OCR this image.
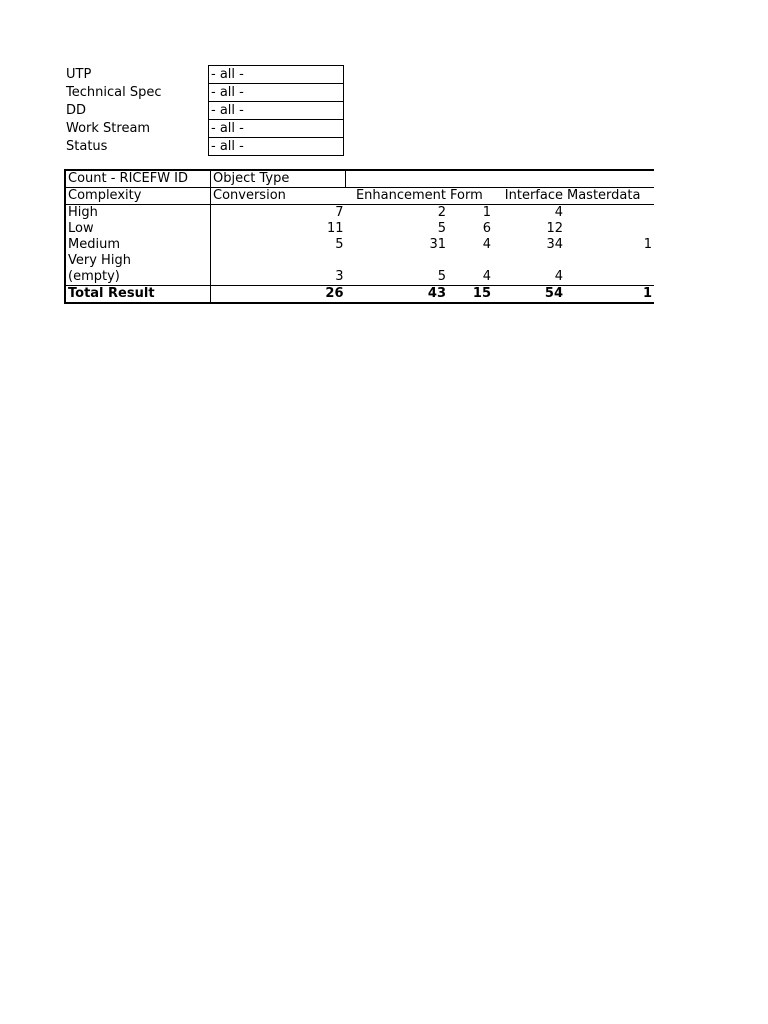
UTP	- all -
Technical Spec	- all -
DD	- all -
Work Stream	- all -
Status	- all -
Count - RICEFW ID	Object Type				
Complexity	Conversion	Enhancement	Form	Interface	Masterdata
High	7	2	1	4	
Low	11	5	6	12	
Medium	5	31	4	34	1
Very High					
(empty)	3	5	4	4	
Total Result	26	43	15	54	1
